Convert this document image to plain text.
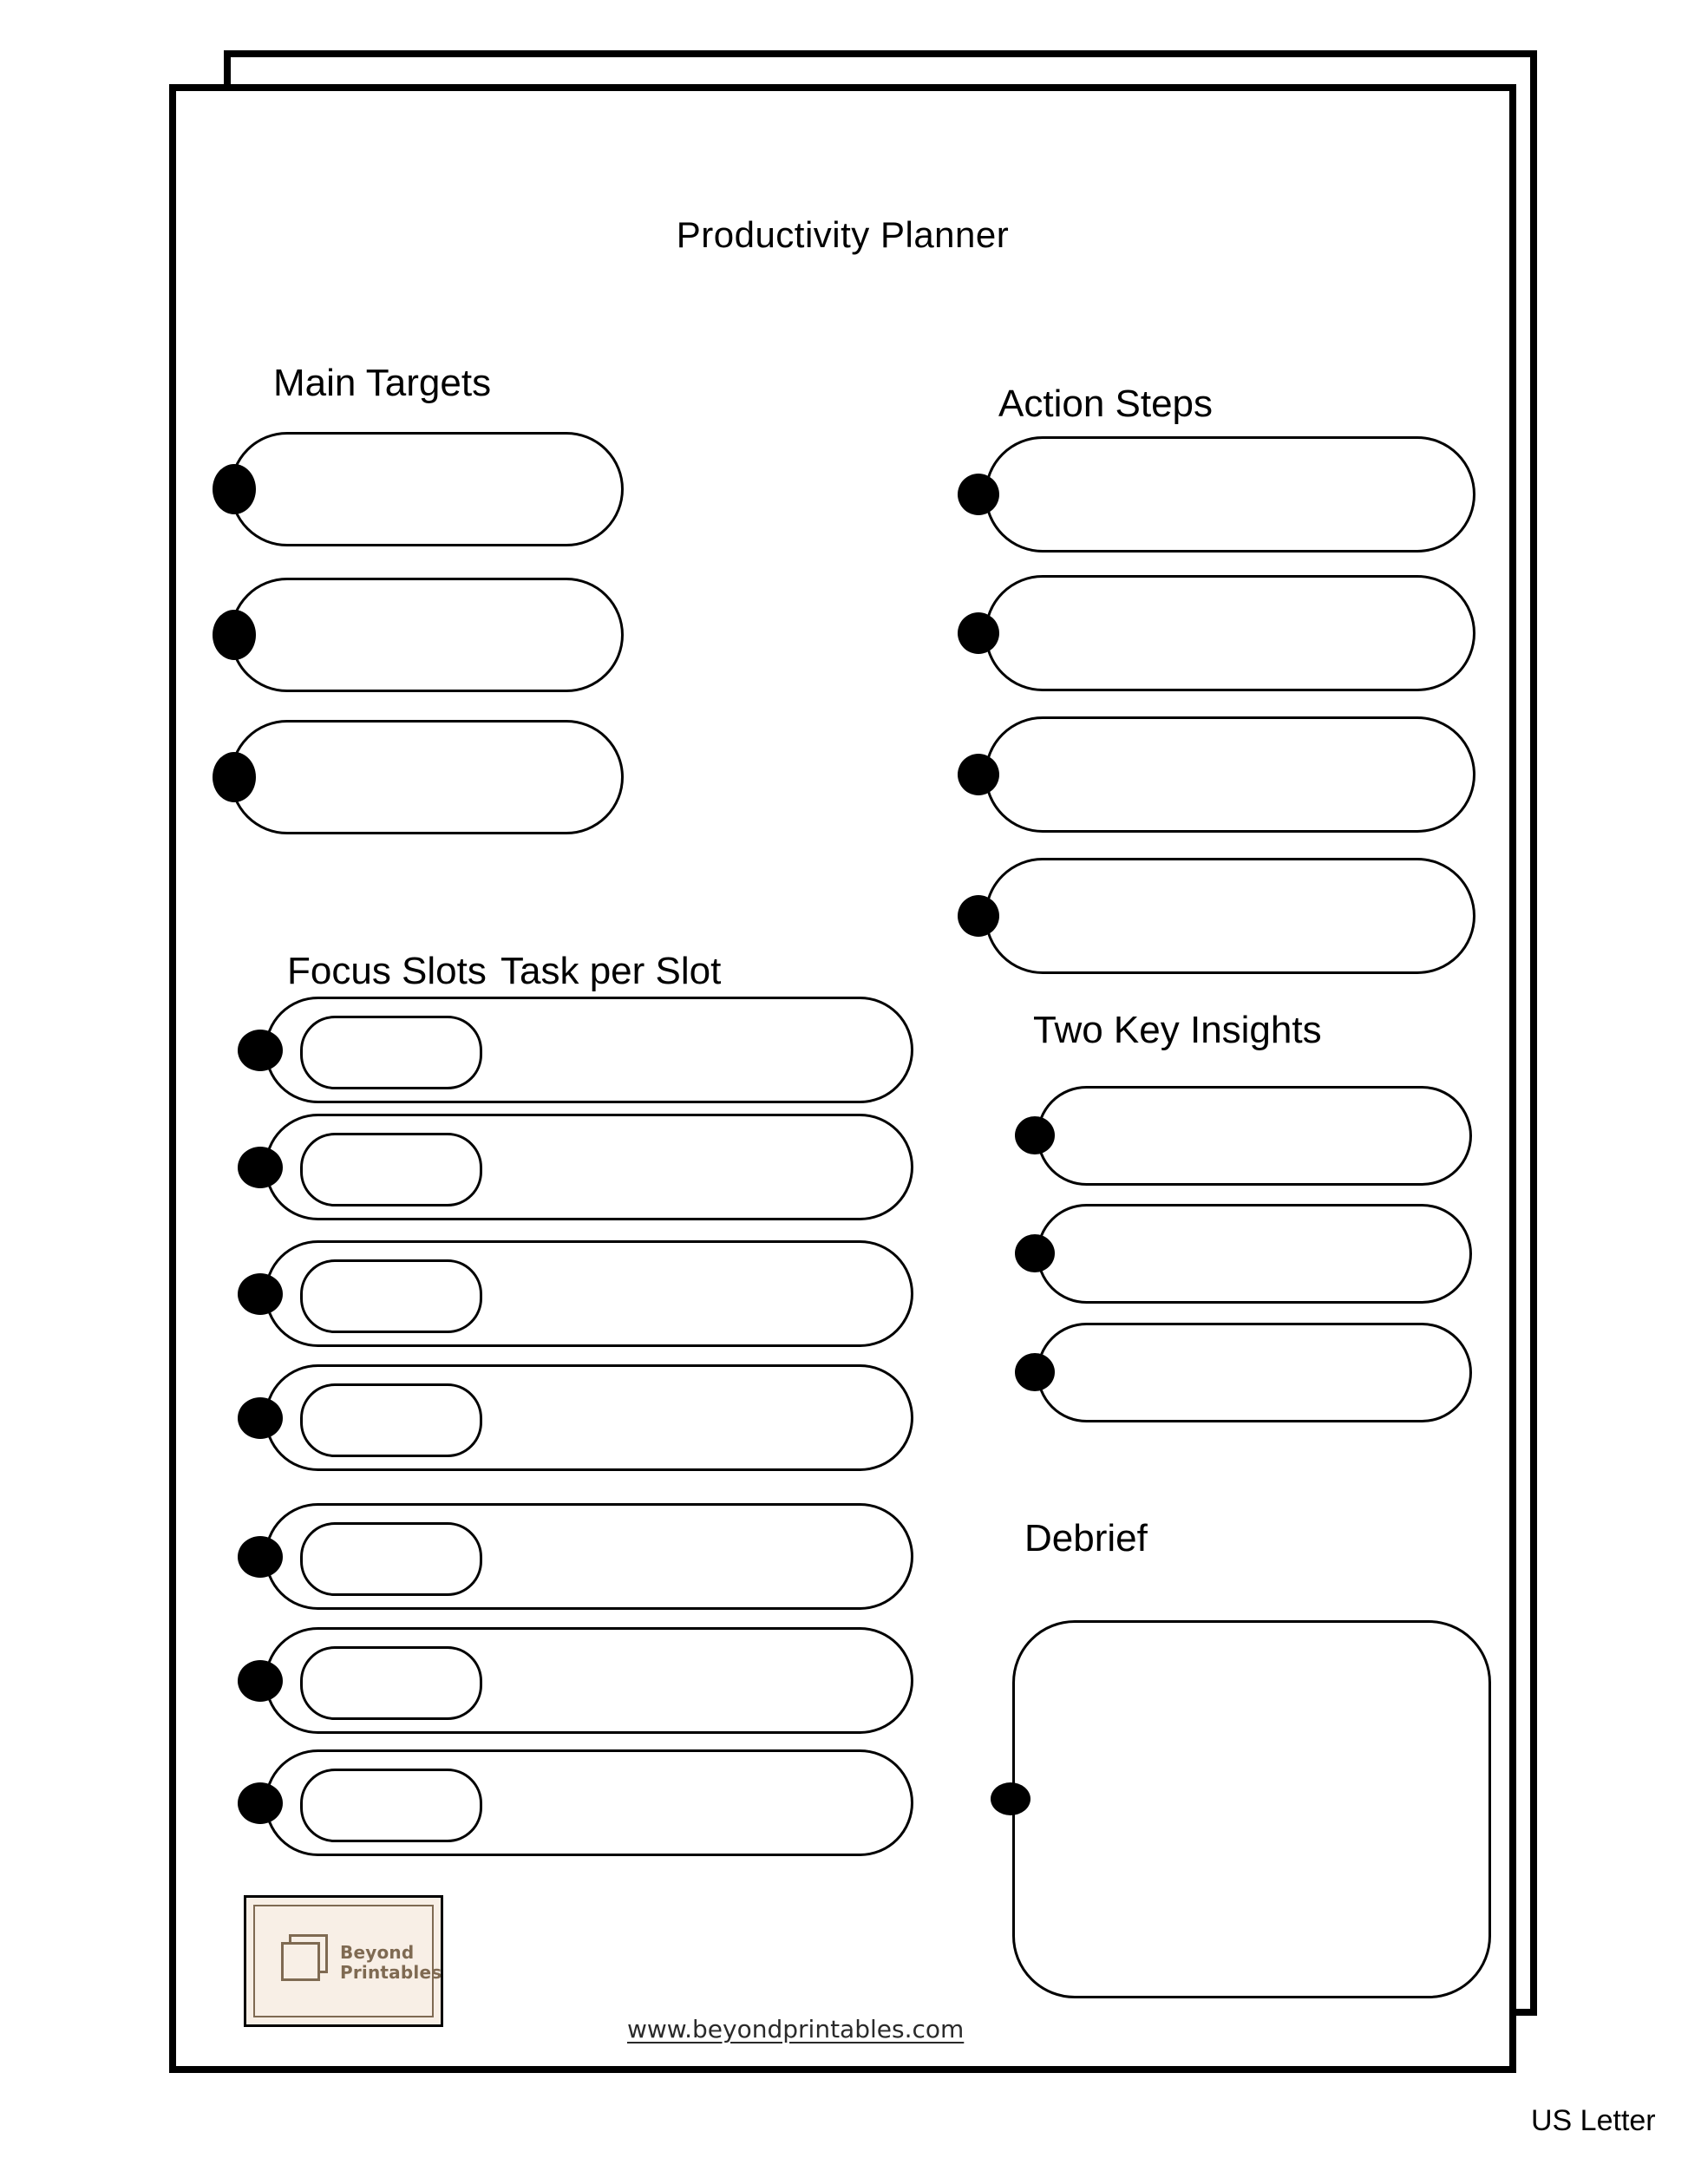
Productivity Planner
Main Targets	Action Steps
Focus Slots Task per Slot
Two Key Insights
Debrief
Beyond
Printables
www.beyondprintables.com
US Letter
